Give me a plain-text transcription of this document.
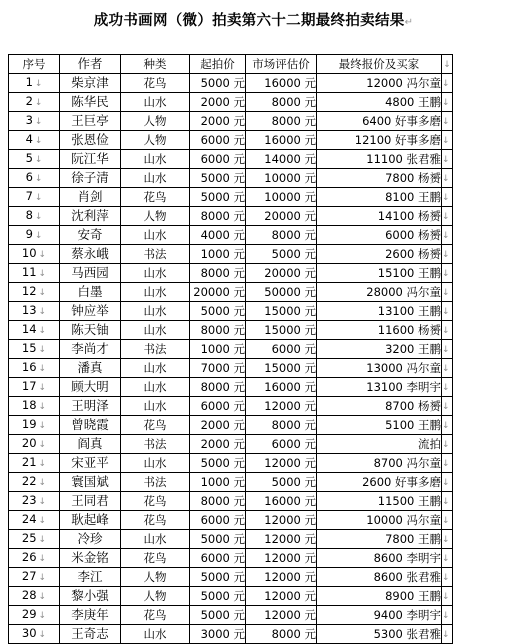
成功书画网（微）拍卖第六十二期最终拍卖结果↵
序号	作者	种类	起拍价	市场评估价	最终报价及买家	↓
1 ↓	柴京津	花鸟	5000 元	16000 元	12000 冯尔童	↓
2 ↓	陈华民	山水	2000 元	8000 元	4800 王鹏	↓
3 ↓	王巨亭	人物	2000 元	8000 元	6400 好事多磨	↓
4 ↓	张恩俭	人物	6000 元	16000 元	12100 好事多磨	↓
5 ↓	阮江华	山水	6000 元	14000 元	11100 张君雅	↓
6 ↓	徐子清	山水	5000 元	10000 元	7800 杨赟	↓
7 ↓	肖剑	花鸟	5000 元	10000 元	8100 王鹏	↓
8 ↓	沈利萍	人物	8000 元	20000 元	14100 杨赟	↓
9 ↓	安奇	山水	4000 元	8000 元	6000 杨赟	↓
10 ↓	蔡永峨	书法	1000 元	5000 元	2600 杨赟	↓
11 ↓	马西园	山水	8000 元	20000 元	15100 王鹏	↓
12 ↓	白墨	山水	20000 元	50000 元	28000 冯尔童	↓
13 ↓	钟应举	山水	5000 元	15000 元	13100 王鹏	↓
14 ↓	陈天铀	山水	8000 元	15000 元	11600 杨赟	↓
15 ↓	李尚才	书法	1000 元	6000 元	3200 王鹏	↓
16 ↓	潘真	山水	7000 元	15000 元	13000 冯尔童	↓
17 ↓	顾大明	山水	8000 元	16000 元	13100 李明宇	↓
18 ↓	王明泽	山水	6000 元	12000 元	8700 杨赟	↓
19 ↓	曾晓霞	花鸟	2000 元	8000 元	5100 王鹏	↓
20 ↓	阎真	书法	2000 元	6000 元	流拍	↓
21 ↓	宋亚平	山水	5000 元	12000 元	8700 冯尔童	↓
22 ↓	寰国斌	书法	1000 元	5000 元	2600 好事多磨	↓
23 ↓	王同君	花鸟	8000 元	16000 元	11500 王鹏	↓
24 ↓	耿起峰	花鸟	6000 元	12000 元	10000 冯尔童	↓
25 ↓	冷珍	山水	5000 元	12000 元	7800 王鹏	↓
26 ↓	米金铭	花鸟	6000 元	12000 元	8600 李明宇	↓
27 ↓	李江	人物	5000 元	12000 元	8600 张君雅	↓
28 ↓	黎小强	人物	5000 元	12000 元	8900 王鹏	↓
29 ↓	李庚年	花鸟	5000 元	12000 元	9400 李明宇	↓
30 ↓	王奇志	山水	3000 元	8000 元	5300 张君雅	↓
